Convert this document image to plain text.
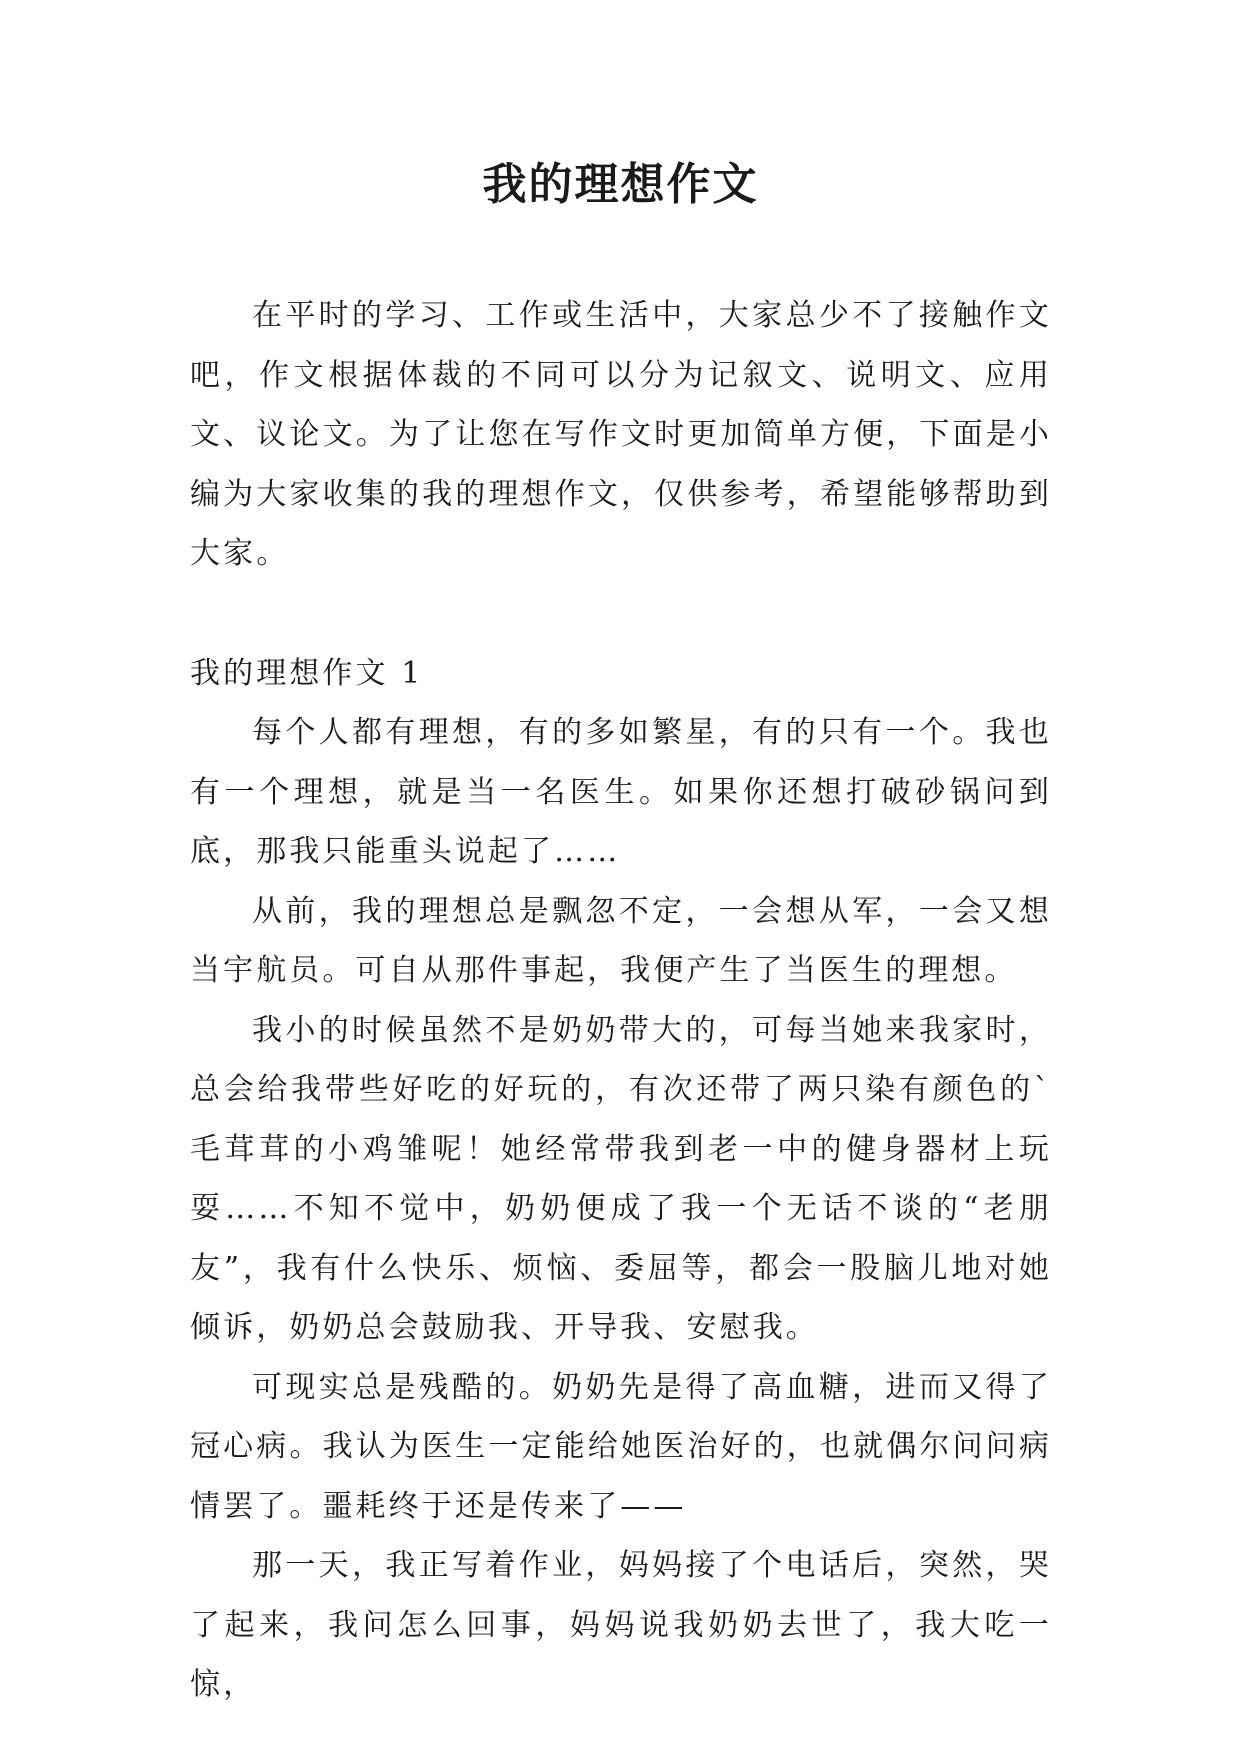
我的理想作文

在平时的学习、工作或生活中，大家总少不了接触作文吧，作文根据体裁的不同可以分为记叙文、说明文、应用文、议论文。为了让您在写作文时更加简单方便，下面是小编为大家收集的我的理想作文，仅供参考，希望能够帮助到大家。

我的理想作文 1

每个人都有理想，有的多如繁星，有的只有一个。我也有一个理想，就是当一名医生。如果你还想打破砂锅问到底，那我只能重头说起了……

从前，我的理想总是飘忽不定，一会想从军，一会又想当宇航员。可自从那件事起，我便产生了当医生的理想。

我小的时候虽然不是奶奶带大的，可每当她来我家时，总会给我带些好吃的好玩的，有次还带了两只染有颜色的`毛茸茸的小鸡雏呢！她经常带我到老一中的健身器材上玩耍……不知不觉中，奶奶便成了我一个无话不谈的“老朋友”，我有什么快乐、烦恼、委屈等，都会一股脑儿地对她倾诉，奶奶总会鼓励我、开导我、安慰我。

可现实总是残酷的。奶奶先是得了高血糖，进而又得了冠心病。我认为医生一定能给她医治好的，也就偶尔问问病情罢了。噩耗终于还是传来了——

那一天，我正写着作业，妈妈接了个电话后，突然，哭了起来，我问怎么回事，妈妈说我奶奶去世了，我大吃一惊，
